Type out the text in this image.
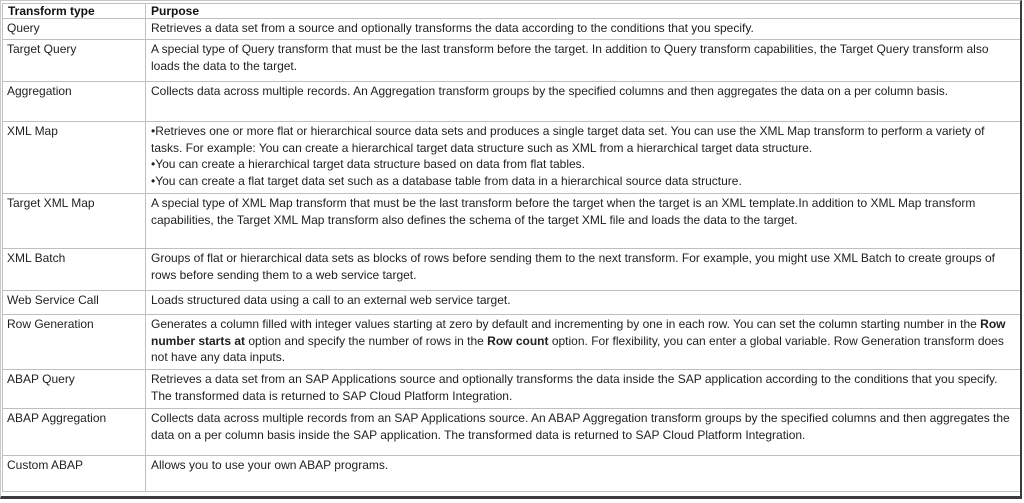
Transform type	Purpose
Query	Retrieves a data set from a source and optionally transforms the data according to the conditions that you specify.
Target Query	A special type of Query transform that must be the last transform before the target. In addition to Query transform capabilities, the Target Query transform also loads the data to the target.
Aggregation	Collects data across multiple records. An Aggregation transform groups by the specified columns and then aggregates the data on a per column basis.
XML Map	•Retrieves one or more flat or hierarchical source data sets and produces a single target data set. You can use the XML Map transform to perform a variety of tasks. For example: You can create a hierarchical target data structure such as XML from a hierarchical target data structure.
•You can create a hierarchical target data structure based on data from flat tables.
•You can create a flat target data set such as a database table from data in a hierarchical source data structure.

Target XML Map	A special type of XML Map transform that must be the last transform before the target when the target is an XML template.In addition to XML Map transform capabilities, the Target XML Map transform also defines the schema of the target XML file and loads the data to the target.
XML Batch	Groups of flat or hierarchical data sets as blocks of rows before sending them to the next transform. For example, you might use XML Batch to create groups of rows before sending them to a web service target.
Web Service Call	Loads structured data using a call to an external web service target.
Row Generation	Generates a column filled with integer values starting at zero by default and incrementing by one in each row. You can set the column starting number in the Row number starts at option and specify the number of rows in the Row count option. For flexibility, you can enter a global variable. Row Generation transform does not have any data inputs.
ABAP Query	Retrieves a data set from an SAP Applications source and optionally transforms the data inside the SAP application according to the conditions that you specify. The transformed data is returned to SAP Cloud Platform Integration.
ABAP Aggregation	Collects data across multiple records from an SAP Applications source. An ABAP Aggregation transform groups by the specified columns and then aggregates the data on a per column basis inside the SAP application. The transformed data is returned to SAP Cloud Platform Integration.
Custom ABAP	Allows you to use your own ABAP programs.
